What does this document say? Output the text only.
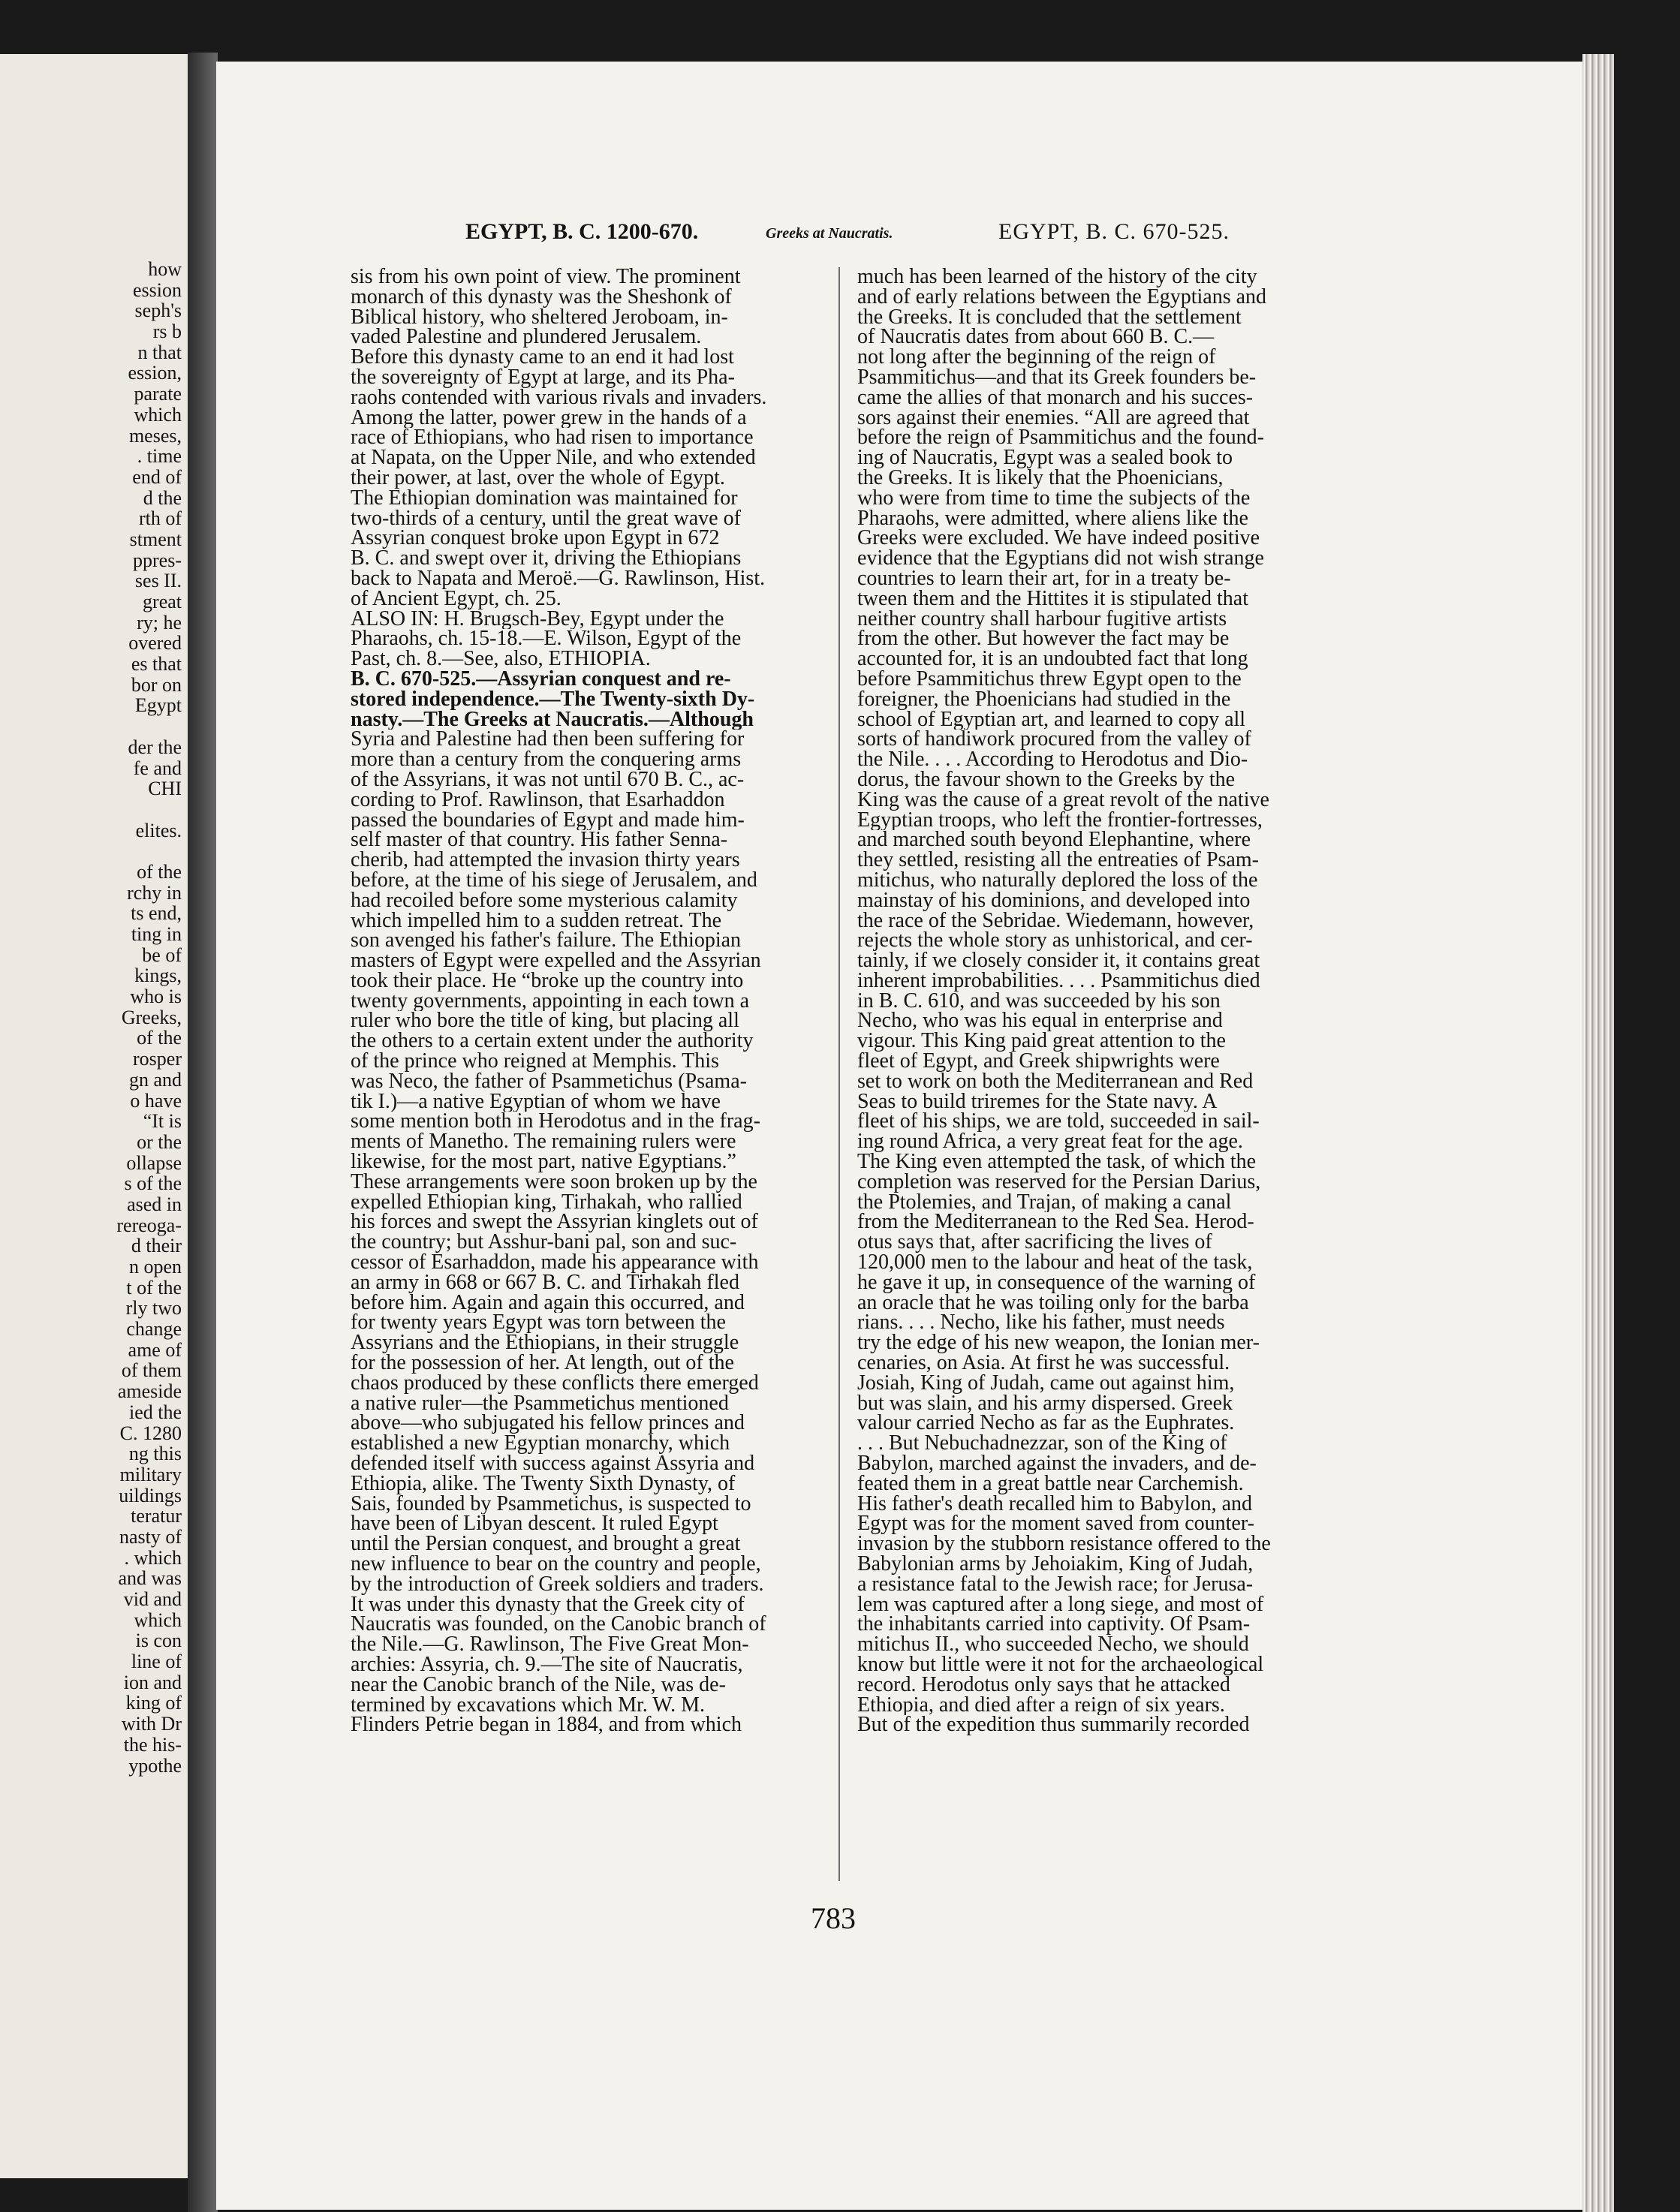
how
ession
seph's
rs b
n that
ession,
parate
which
meses,
. time
end of
d the
rth of
stment
ppres-
ses II.
great
ry; he
overed
es that
bor on
Egypt
der the
fe and
CHI
elites.
of the
rchy in
ts end,
ting in
be of
kings,
who is
Greeks,
of the
rosper
gn and
o have
“It is
or the
ollapse
s of the
ased in
rereoga-
d their
n open
t of the
rly two
change
ame of
of them
ameside
ied the
C. 1280
ng this
military
uildings
teratur
nasty of
. which
and was
vid and
which
is con
line of
ion and
king of
with Dr
the his-
ypothe
EGYPT, B. C. 1200-670.	Greeks at Naucratis.	EGYPT, B. C. 670-525.
sis from his own point of view. The prominent
monarch of this dynasty was the Sheshonk of
Biblical history, who sheltered Jeroboam, in-
vaded Palestine and plundered Jerusalem.
Before this dynasty came to an end it had lost
the sovereignty of Egypt at large, and its Pha-
raohs contended with various rivals and invaders.
Among the latter, power grew in the hands of a
race of Ethiopians, who had risen to importance
at Napata, on the Upper Nile, and who extended
their power, at last, over the whole of Egypt.
The Ethiopian domination was maintained for
two-thirds of a century, until the great wave of
Assyrian conquest broke upon Egypt in 672
B. C. and swept over it, driving the Ethiopians
back to Napata and Meroë.—G. Rawlinson, Hist.
of Ancient Egypt, ch. 25.
ALSO IN: H. Brugsch-Bey, Egypt under the
Pharaohs, ch. 15-18.—E. Wilson, Egypt of the
Past, ch. 8.—See, also, ETHIOPIA.
B. C. 670-525.—Assyrian conquest and re-
stored independence.—The Twenty-sixth Dy-
nasty.—The Greeks at Naucratis.—Although
Syria and Palestine had then been suffering for
more than a century from the conquering arms
of the Assyrians, it was not until 670 B. C., ac-
cording to Prof. Rawlinson, that Esarhaddon
passed the boundaries of Egypt and made him-
self master of that country. His father Senna-
cherib, had attempted the invasion thirty years
before, at the time of his siege of Jerusalem, and
had recoiled before some mysterious calamity
which impelled him to a sudden retreat. The
son avenged his father's failure. The Ethiopian
masters of Egypt were expelled and the Assyrian
took their place. He “broke up the country into
twenty governments, appointing in each town a
ruler who bore the title of king, but placing all
the others to a certain extent under the authority
of the prince who reigned at Memphis. This
was Neco, the father of Psammetichus (Psama-
tik I.)—a native Egyptian of whom we have
some mention both in Herodotus and in the frag-
ments of Manetho. The remaining rulers were
likewise, for the most part, native Egyptians.”
These arrangements were soon broken up by the
expelled Ethiopian king, Tirhakah, who rallied
his forces and swept the Assyrian kinglets out of
the country; but Asshur-bani pal, son and suc-
cessor of Esarhaddon, made his appearance with
an army in 668 or 667 B. C. and Tirhakah fled
before him. Again and again this occurred, and
for twenty years Egypt was torn between the
Assyrians and the Ethiopians, in their struggle
for the possession of her. At length, out of the
chaos produced by these conflicts there emerged
a native ruler—the Psammetichus mentioned
above—who subjugated his fellow princes and
established a new Egyptian monarchy, which
defended itself with success against Assyria and
Ethiopia, alike. The Twenty Sixth Dynasty, of
Sais, founded by Psammetichus, is suspected to
have been of Libyan descent. It ruled Egypt
until the Persian conquest, and brought a great
new influence to bear on the country and people,
by the introduction of Greek soldiers and traders.
It was under this dynasty that the Greek city of
Naucratis was founded, on the Canobic branch of
the Nile.—G. Rawlinson, The Five Great Mon-
archies: Assyria, ch. 9.—The site of Naucratis,
near the Canobic branch of the Nile, was de-
termined by excavations which Mr. W. M.
Flinders Petrie began in 1884, and from which
much has been learned of the history of the city
and of early relations between the Egyptians and
the Greeks. It is concluded that the settlement
of Naucratis dates from about 660 B. C.—
not long after the beginning of the reign of
Psammitichus—and that its Greek founders be-
came the allies of that monarch and his succes-
sors against their enemies. “All are agreed that
before the reign of Psammitichus and the found-
ing of Naucratis, Egypt was a sealed book to
the Greeks. It is likely that the Phoenicians,
who were from time to time the subjects of the
Pharaohs, were admitted, where aliens like the
Greeks were excluded. We have indeed positive
evidence that the Egyptians did not wish strange
countries to learn their art, for in a treaty be-
tween them and the Hittites it is stipulated that
neither country shall harbour fugitive artists
from the other. But however the fact may be
accounted for, it is an undoubted fact that long
before Psammitichus threw Egypt open to the
foreigner, the Phoenicians had studied in the
school of Egyptian art, and learned to copy all
sorts of handiwork procured from the valley of
the Nile. . . . According to Herodotus and Dio-
dorus, the favour shown to the Greeks by the
King was the cause of a great revolt of the native
Egyptian troops, who left the frontier-fortresses,
and marched south beyond Elephantine, where
they settled, resisting all the entreaties of Psam-
mitichus, who naturally deplored the loss of the
mainstay of his dominions, and developed into
the race of the Sebridae. Wiedemann, however,
rejects the whole story as unhistorical, and cer-
tainly, if we closely consider it, it contains great
inherent improbabilities. . . . Psammitichus died
in B. C. 610, and was succeeded by his son
Necho, who was his equal in enterprise and
vigour. This King paid great attention to the
fleet of Egypt, and Greek shipwrights were
set to work on both the Mediterranean and Red
Seas to build triremes for the State navy. A
fleet of his ships, we are told, succeeded in sail-
ing round Africa, a very great feat for the age.
The King even attempted the task, of which the
completion was reserved for the Persian Darius,
the Ptolemies, and Trajan, of making a canal
from the Mediterranean to the Red Sea. Herod-
otus says that, after sacrificing the lives of
120,000 men to the labour and heat of the task,
he gave it up, in consequence of the warning of
an oracle that he was toiling only for the barba
rians. . . . Necho, like his father, must needs
try the edge of his new weapon, the Ionian mer-
cenaries, on Asia. At first he was successful.
Josiah, King of Judah, came out against him,
but was slain, and his army dispersed. Greek
valour carried Necho as far as the Euphrates.
. . . But Nebuchadnezzar, son of the King of
Babylon, marched against the invaders, and de-
feated them in a great battle near Carchemish.
His father's death recalled him to Babylon, and
Egypt was for the moment saved from counter-
invasion by the stubborn resistance offered to the
Babylonian arms by Jehoiakim, King of Judah,
a resistance fatal to the Jewish race; for Jerusa-
lem was captured after a long siege, and most of
the inhabitants carried into captivity. Of Psam-
mitichus II., who succeeded Necho, we should
know but little were it not for the archaeological
record. Herodotus only says that he attacked
Ethiopia, and died after a reign of six years.
But of the expedition thus summarily recorded
783
